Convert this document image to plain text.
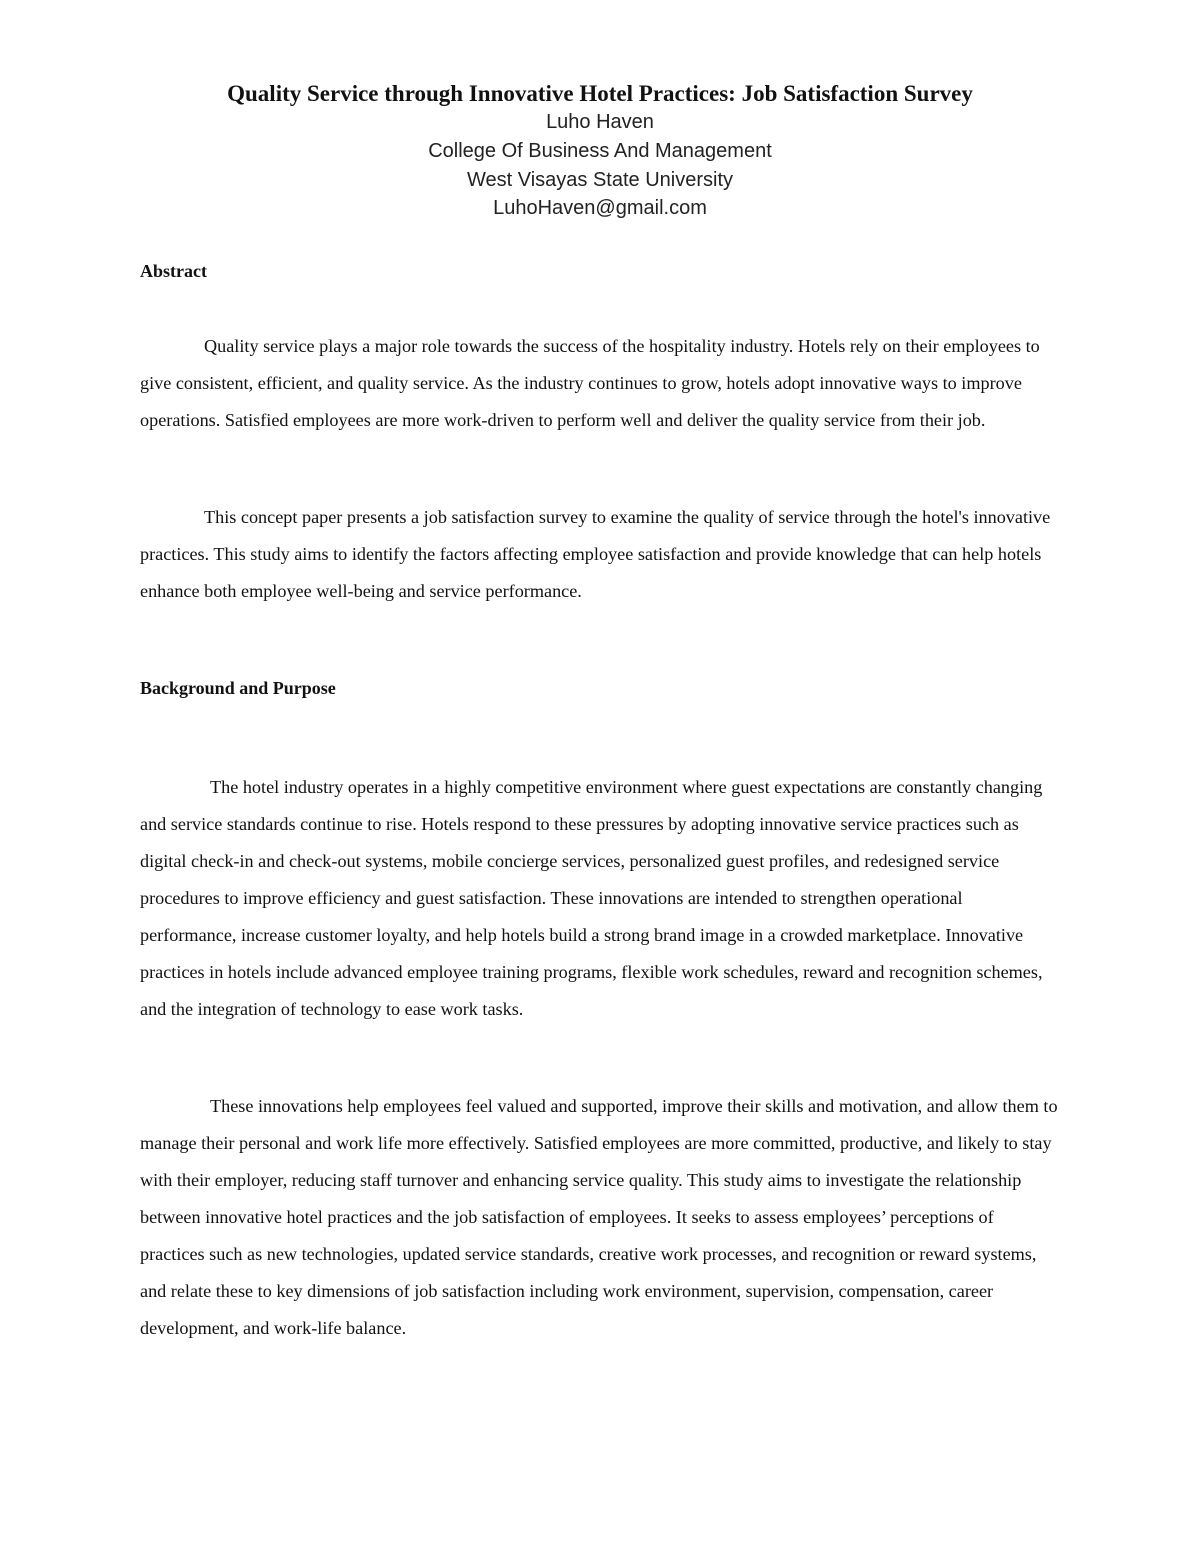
Quality Service through Innovative Hotel Practices: Job Satisfaction Survey
Luho Haven
College Of Business And Management
West Visayas State University
LuhoHaven@gmail.com
Abstract

Quality service plays a major role towards the success of the hospitality industry. Hotels rely on their employees to give consistent, efficient, and quality service. As the industry continues to grow, hotels adopt innovative ways to improve operations. Satisfied employees are more work-driven to perform well and deliver the quality service from their job.

This concept paper presents a job satisfaction survey to examine the quality of service through the hotel's innovative practices. This study aims to identify the factors affecting employee satisfaction and provide knowledge that can help hotels enhance both employee well-being and service performance.

Background and Purpose

The hotel industry operates in a highly competitive environment where guest expectations are constantly changing and service standards continue to rise. Hotels respond to these pressures by adopting innovative service practices such as digital check-in and check-out systems, mobile concierge services, personalized guest profiles, and redesigned service procedures to improve efficiency and guest satisfaction. These innovations are intended to strengthen operational performance, increase customer loyalty, and help hotels build a strong brand image in a crowded marketplace. Innovative practices in hotels include advanced employee training programs, flexible work schedules, reward and recognition schemes, and the integration of technology to ease work tasks.

These innovations help employees feel valued and supported, improve their skills and motivation, and allow them to manage their personal and work life more effectively. Satisfied employees are more committed, productive, and likely to stay with their employer, reducing staff turnover and enhancing service quality. This study aims to investigate the relationship between innovative hotel practices and the job satisfaction of employees. It seeks to assess employees’ perceptions of practices such as new technologies, updated service standards, creative work processes, and recognition or reward systems, and relate these to key dimensions of job satisfaction including work environment, supervision, compensation, career development, and work-life balance.
